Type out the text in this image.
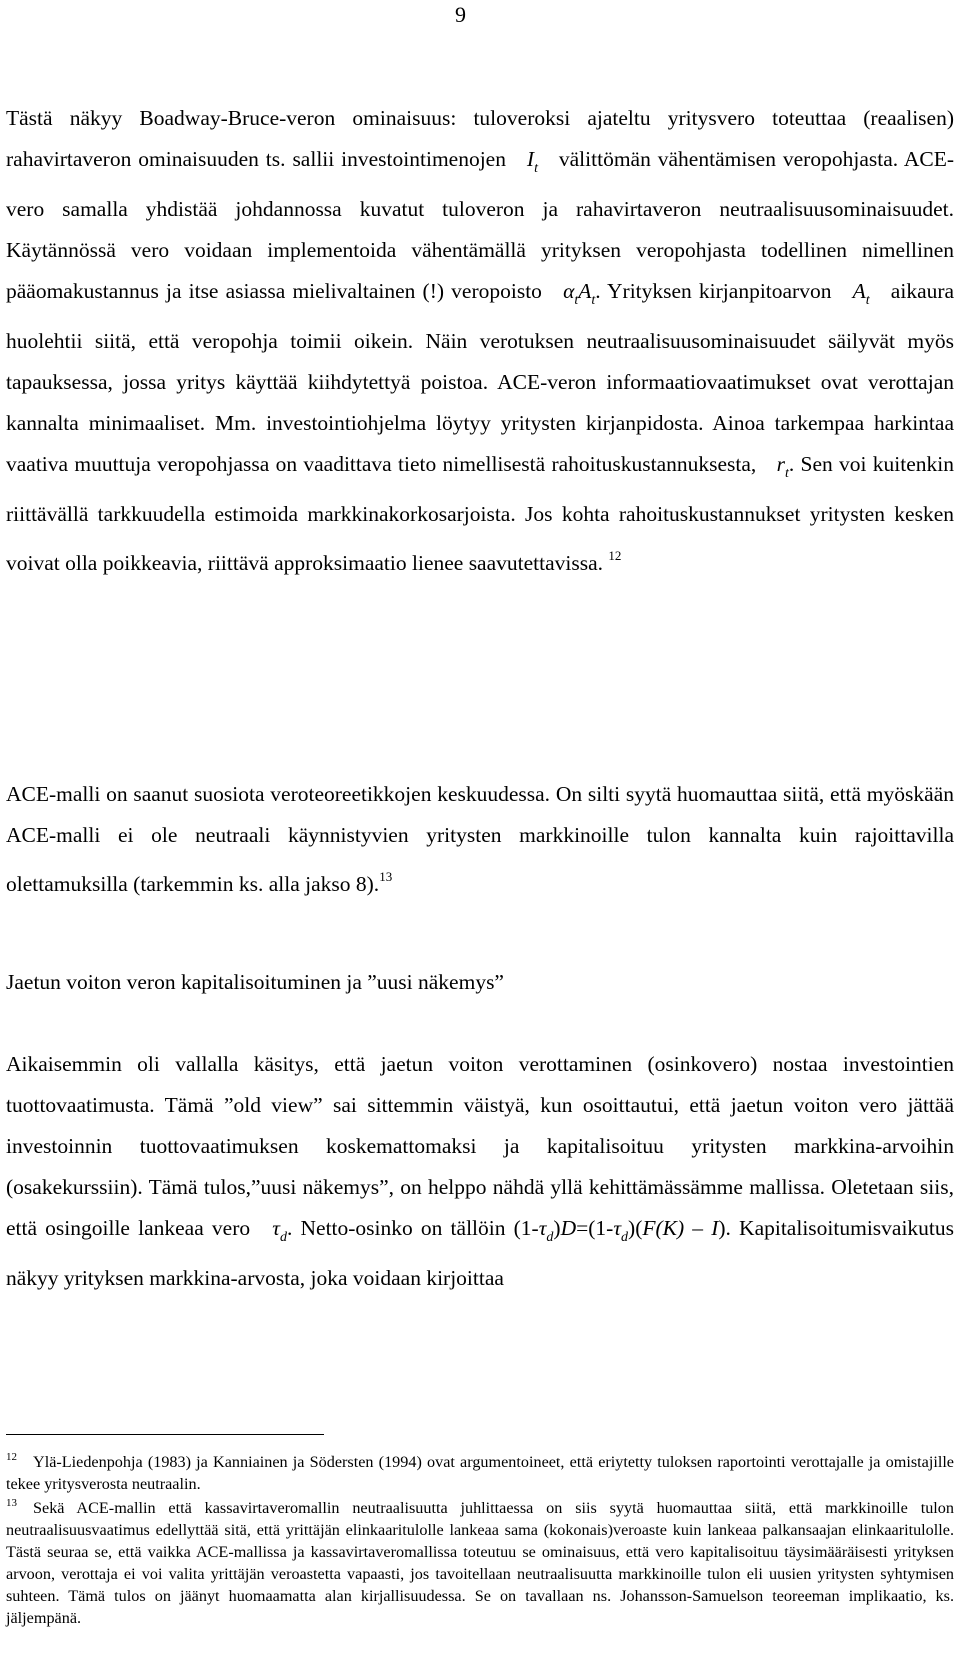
9

Tästä näkyy Boadway-Bruce-veron ominaisuus: tuloveroksi ajateltu yritysvero toteuttaa (reaalisen) rahavirtaveron ominaisuuden ts. sallii investointimenojen $I_t$ välittömän vähentämisen veropohjasta. ACE-vero samalla yhdistää johdannossa kuvatut tuloveron ja rahavirtaveron neutraalisuusominaisuudet. Käytännössä vero voidaan implementoida vähentämällä yrityksen veropohjasta todellinen nimellinen pääomakustannus ja itse asiassa mielivaltainen (!) veropoisto $\alpha_tA_t$. Yrityksen kirjanpitoarvon $A_t$ aikaura huolehtii siitä, että veropohja toimii oikein. Näin verotuksen neutraalisuusominaisuudet säilyvät myös tapauksessa, jossa yritys käyttää kiihdytettyä poistoa. ACE-veron informaatiovaatimukset ovat verottajan kannalta minimaaliset. Mm. investointiohjelma löytyy yritysten kirjanpidosta. Ainoa tarkempaa harkintaa vaativa muuttuja veropohjassa on vaadittava tieto nimellisestä rahoituskustannuksesta, $r_t$. Sen voi kuitenkin riittävällä tarkkuudella estimoida markkinakorkosarjoista. Jos kohta rahoituskustannukset yritysten kesken voivat olla poikkeavia, riittävä approksimaatio lienee saavutettavissa. $^{12}$

ACE-malli on saanut suosiota veroteoreetikkojen keskuudessa. On silti syytä huomauttaa siitä, että myöskään ACE-malli ei ole neutraali käynnistyvien yritysten markkinoille tulon kannalta kuin rajoittavilla olettamuksilla (tarkemmin ks. alla jakso 8).$^{13}$

Jaetun voiton veron kapitalisoituminen ja ”uusi näkemys”

Aikaisemmin oli vallalla käsitys, että jaetun voiton verottaminen (osinkovero) nostaa investointien tuottovaatimusta. Tämä ”old view” sai sittemmin väistyä, kun osoittautui, että jaetun voiton vero jättää investoinnin tuottovaatimuksen koskemattomaksi ja kapitalisoituu yritysten markkina-arvoihin (osakekurssiin). Tämä tulos,”uusi näkemys”, on helppo nähdä yllä kehittämässämme mallissa. Oletetaan siis, että osingoille lankeaa vero $\tau_d$. Netto-osinko on tällöin $(1-\tau_d)D=(1-\tau_d)(F(K) - I)$. Kapitalisoitumisvaikutus näkyy yrityksen markkina-arvosta, joka voidaan kirjoittaa

$^{12}$ Ylä-Liedenpohja (1983) ja Kanniainen ja Södersten (1994) ovat argumentoineet, että eriytetty tuloksen raportointi verottajalle ja omistajille tekee yritysverosta neutraalin.

$^{13}$ Sekä ACE-mallin että kassavirtaveromallin neutraalisuutta juhlittaessa on siis syytä huomauttaa siitä, että markkinoille tulon neutraalisuusvaatimus edellyttää sitä, että yrittäjän elinkaaritulolle lankeaa sama (kokonais)veroaste kuin lankeaa palkansaajan elinkaaritulolle. Tästä seuraa se, että vaikka ACE-mallissa ja kassavirtaveromallissa toteutuu se ominaisuus, että vero kapitalisoituu täysimääräisesti yrityksen arvoon, verottaja ei voi valita yrittäjän veroastetta vapaasti, jos tavoitellaan neutraalisuutta markkinoille tulon eli uusien yritysten syhtymisen suhteen. Tämä tulos on jäänyt huomaamatta alan kirjallisuudessa. Se on tavallaan ns. Johansson-Samuelson teoreeman implikaatio, ks. jäljempänä.
